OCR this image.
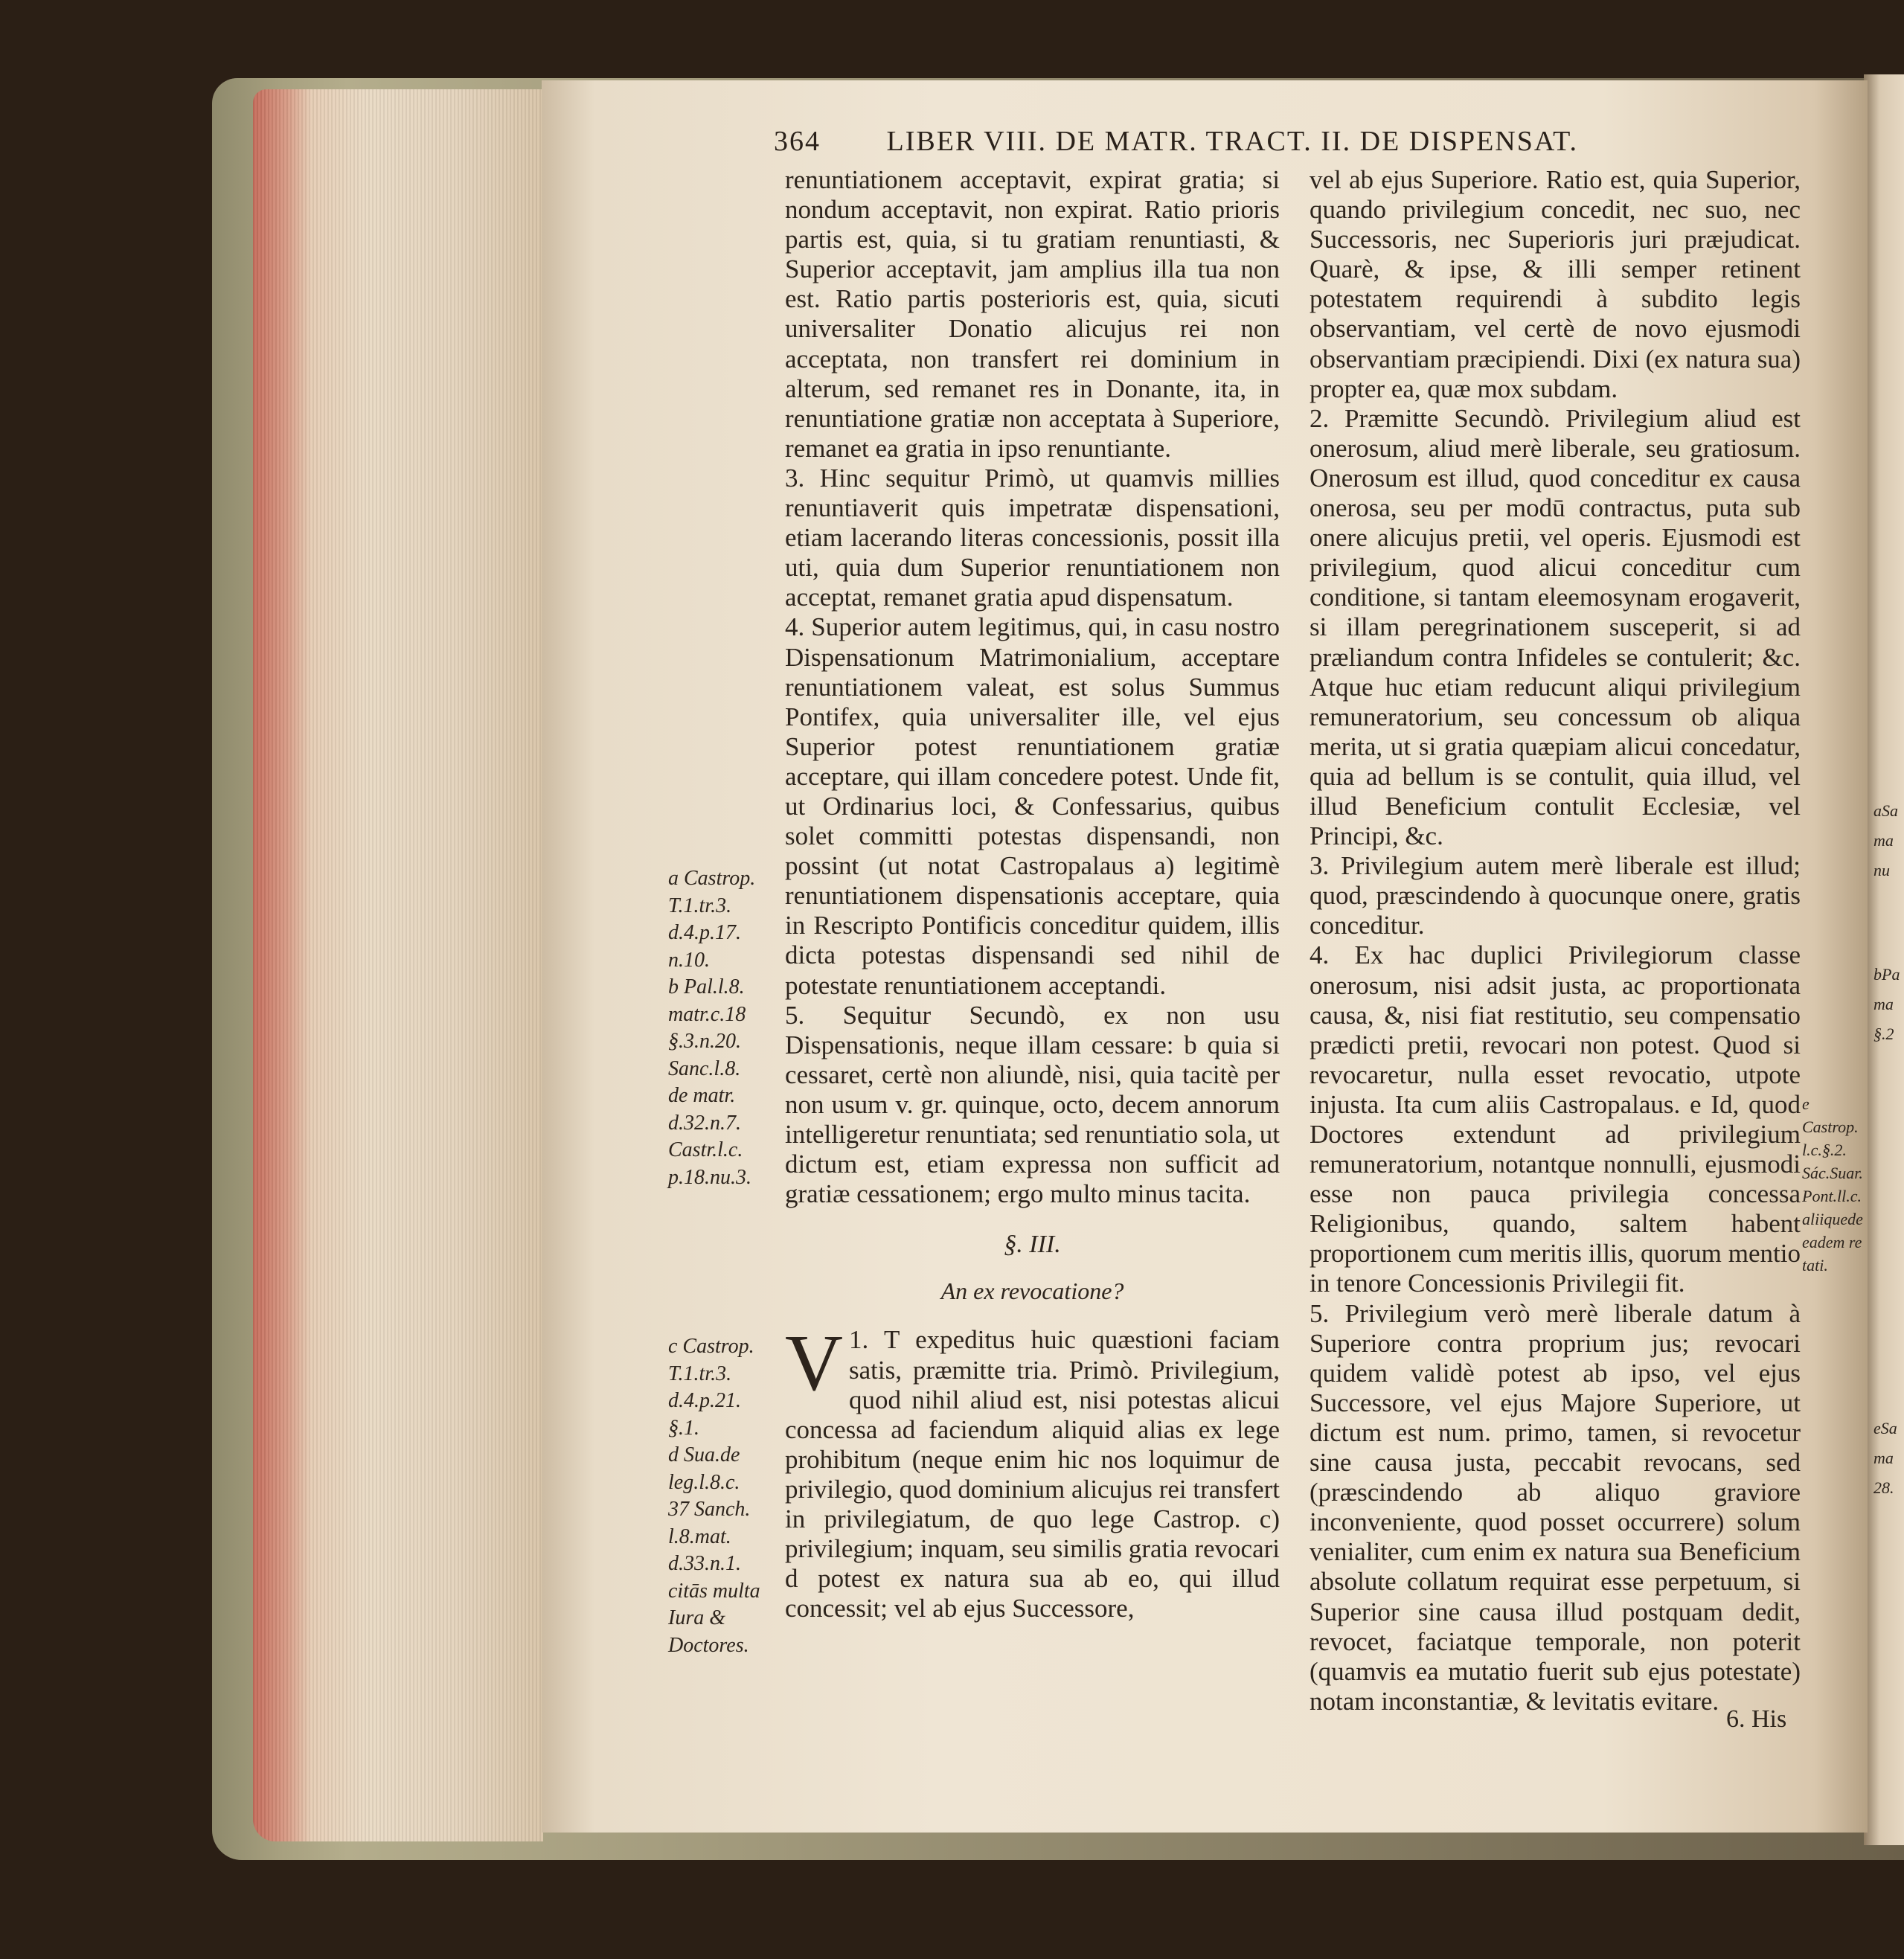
364 LIBER VIII. DE MATR. TRACT. II. DE DISPENSAT.

renuntiationem acceptavit, expirat gratia; si nondum acceptavit, non expirat. Ratio prioris partis est, quia, si tu gratiam renuntiasti, & Superior acceptavit, jam amplius illa tua non est. Ratio partis posterioris est, quia, sicuti universaliter Donatio alicujus rei non acceptata, non transfert rei dominium in alterum, sed remanet res in Donante, ita, in renuntiatione gratiæ non acceptata à Superiore, remanet ea gratia in ipso renuntiante.

3. Hinc sequitur Primò, ut quamvis millies renuntiaverit quis impetratæ dispensationi, etiam lacerando literas concessionis, possit illa uti, quia dum Superior renuntiationem non acceptat, remanet gratia apud dispensatum.

4. Superior autem legitimus, qui, in casu nostro Dispensationum Matrimonialium, acceptare renuntiationem valeat, est solus Summus Pontifex, quia universaliter ille, vel ejus Superior potest renuntiationem gratiæ acceptare, qui illam concedere potest. Unde fit, ut Ordinarius loci, & Confessarius, quibus solet committi potestas dispensandi, non possint (ut notat Castropalaus a) legitimè renuntiationem dispensationis acceptare, quia in Rescripto Pontificis conceditur quidem, illis dicta potestas dispensandi sed nihil de potestate renuntiationem acceptandi.

5. Sequitur Secundò, ex non usu Dispensationis, neque illam cessare: b quia si cessaret, certè non aliundè, nisi, quia tacitè per non usum v. gr. quinque, octo, decem annorum intelligeretur renuntiata; sed renuntiatio sola, ut dictum est, etiam expressa non sufficit ad gratiæ cessationem; ergo multo minus tacita.

§. III.
An ex revocatione?

V 1. T expeditus huic quæstioni faciam satis, præmitte tria. Primò. Privilegium, quod nihil aliud est, nisi potestas alicui concessa ad faciendum aliquid alias ex lege prohibitum (neque enim hic nos loquimur de privilegio, quod dominium alicujus rei transfert in privilegiatum, de quo lege Castrop. c) privilegium; inquam, seu similis gratia revocari d potest ex natura sua ab eo, qui illud concessit; vel ab ejus Successore,

vel ab ejus Superiore. Ratio est, quia Superior, quando privilegium concedit, nec suo, nec Successoris, nec Superioris juri præjudicat. Quarè, & ipse, & illi semper retinent potestatem requirendi à subdito legis observantiam, vel certè de novo ejusmodi observantiam præcipiendi. Dixi (ex natura sua) propter ea, quæ mox subdam.

2. Præmitte Secundò. Privilegium aliud est onerosum, aliud merè liberale, seu gratiosum. Onerosum est illud, quod conceditur ex causa onerosa, seu per modū contractus, puta sub onere alicujus pretii, vel operis. Ejusmodi est privilegium, quod alicui conceditur cum conditione, si tantam eleemosynam erogaverit, si illam peregrinationem susceperit, si ad præliandum contra Infideles se contulerit; &c. Atque huc etiam reducunt aliqui privilegium remuneratorium, seu concessum ob aliqua merita, ut si gratia quæpiam alicui concedatur, quia ad bellum is se contulit, quia illud, vel illud Beneficium contulit Ecclesiæ, vel Principi, &c.

3. Privilegium autem merè liberale est illud; quod, præscindendo à quocunque onere, gratis conceditur.

4. Ex hac duplici Privilegiorum classe onerosum, nisi adsit justa, ac proportionata causa, &, nisi fiat restitutio, seu compensatio prædicti pretii, revocari non potest. Quod si revocaretur, nulla esset revocatio, utpote injusta. Ita cum aliis Castropalaus. e Id, quod Doctores extendunt ad privilegium remuneratorium, notantque nonnulli, ejusmodi esse non pauca privilegia concessa Religionibus, quando, saltem habent proportionem cum meritis illis, quorum mentio in tenore Concessionis Privilegii fit.

5. Privilegium verò merè liberale datum à Superiore contra proprium jus; revocari quidem validè potest ab ipso, vel ejus Successore, vel ejus Majore Superiore, ut dictum est num. primo, tamen, si revocetur sine causa justa, peccabit revocans, sed (præscindendo ab aliquo graviore inconveniente, quod posset occurrere) solum venialiter, cum enim ex natura sua Beneficium absolute collatum requirat esse perpetuum, si Superior sine causa illud postquam dedit, revocet, faciatque temporale, non poterit (quamvis ea mutatio fuerit sub ejus potestate) notam inconstantiæ, & levitatis evitare.

a Castrop.
T.1.tr.3.
d.4.p.17.
n.10.
b Pal.l.8.
matr.c.18
§.3.n.20.
Sanc.l.8.
de matr.
d.32.n.7.
Castr.l.c.
p.18.nu.3.
c Castrop.
T.1.tr.3.
d.4.p.21.
§.1.
d Sua.de
leg.l.8.c.
37 Sanch.
l.8.mat.
d.33.n.1.
citās multa Iura &
Doctores.
e Castrop.
l.c.§.2.
Sác.Suar.
Pont.ll.c.
aliiquede
eadem re
tati.
6. His
aSa
ma
nu
bPa
ma
§.2
eSa
ma
28.
